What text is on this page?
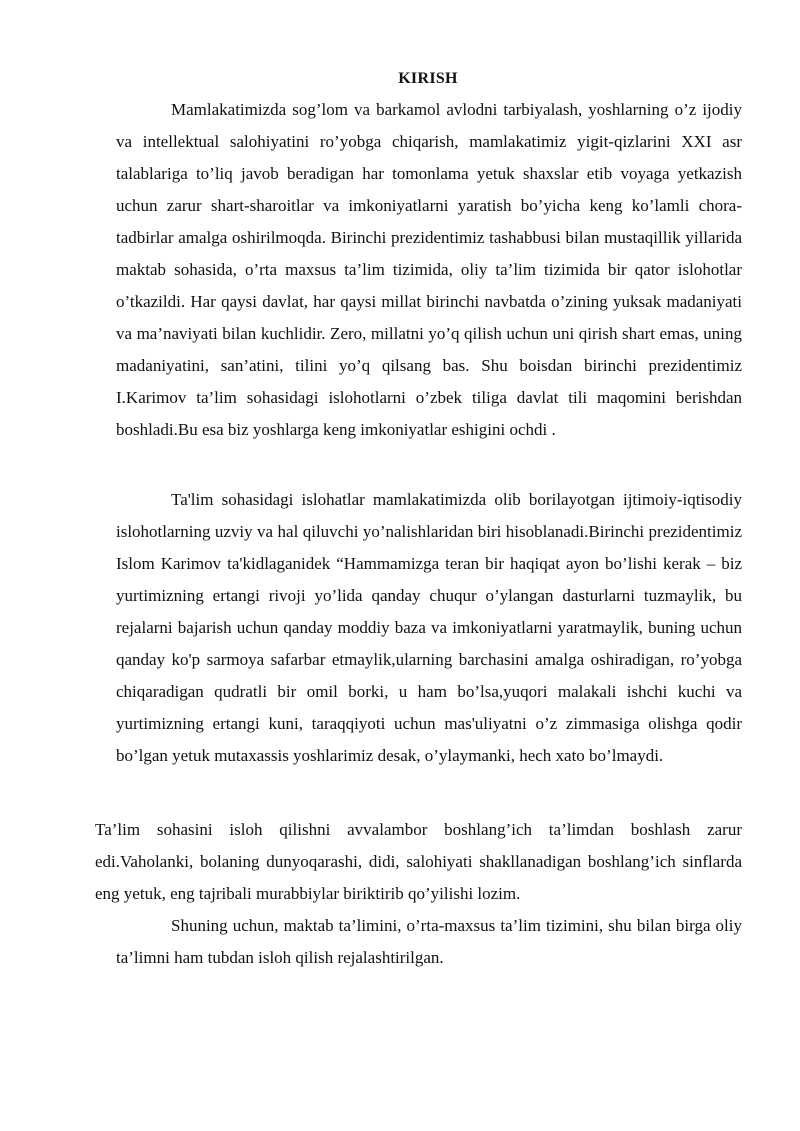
KIRISH

Mamlakatimizda sog’lom va barkamol avlodni tarbiyalash, yoshlarning o’z ijodiy va intellektual salohiyatini ro’yobga chiqarish, mamlakatimiz yigit-qizlarini XXI asr talablariga to’liq javob beradigan har tomonlama yetuk shaxslar etib voyaga yetkazish uchun zarur shart-sharoitlar va imkoniyatlarni yaratish bo’yicha keng ko’lamli chora-tadbirlar amalga oshirilmoqda. Birinchi prezidentimiz tashabbusi bilan mustaqillik yillarida maktab sohasida, o’rta maxsus ta’lim tizimida, oliy ta’lim tizimida bir qator islohotlar o’tkazildi. Har qaysi davlat, har qaysi millat birinchi navbatda o’zining yuksak madaniyati va ma’naviyati bilan kuchlidir. Zero, millatni yo’q qilish uchun uni qirish shart emas, uning madaniyatini, san’atini, tilini yo’q qilsang bas. Shu boisdan birinchi prezidentimiz I.Karimov ta’lim sohasidagi islohotlarni o’zbek tiliga davlat tili maqomini berishdan boshladi.Bu esa biz yoshlarga keng imkoniyatlar eshigini ochdi .

Ta'lim sohasidagi islohatlar mamlakatimizda olib borilayotgan ijtimoiy-iqtisodiy islohotlarning uzviy va hal qiluvchi yo’nalishlaridan biri hisoblanadi.Birinchi prezidentimiz Islom Karimov ta'kidlaganidek “Hammamizga teran bir haqiqat ayon bo’lishi kerak – biz yurtimizning ertangi rivoji yo’lida qanday chuqur o’ylangan dasturlarni tuzmaylik, bu rejalarni bajarish uchun qanday moddiy baza va imkoniyatlarni yaratmaylik, buning uchun qanday ko'p sarmoya safarbar etmaylik,ularning barchasini amalga oshiradigan, ro’yobga chiqaradigan qudratli bir omil borki, u ham bo’lsa,yuqori malakali ishchi kuchi va yurtimizning ertangi kuni, taraqqiyoti uchun mas'uliyatni o’z zimmasiga olishga qodir bo’lgan yetuk mutaxassis yoshlarimiz desak, o’ylaymanki, hech xato bo’lmaydi.

Ta’lim sohasini isloh qilishni avvalambor boshlang’ich ta’limdan boshlash zarur edi.Vaholanki, bolaning dunyoqarashi, didi, salohiyati shakllanadigan boshlang’ich sinflarda eng yetuk, eng tajribali murabbiylar biriktirib qo’yilishi lozim.

Shuning uchun, maktab ta’limini, o’rta-maxsus ta’lim tizimini, shu bilan birga oliy ta’limni ham tubdan isloh qilish rejalashtirilgan.
